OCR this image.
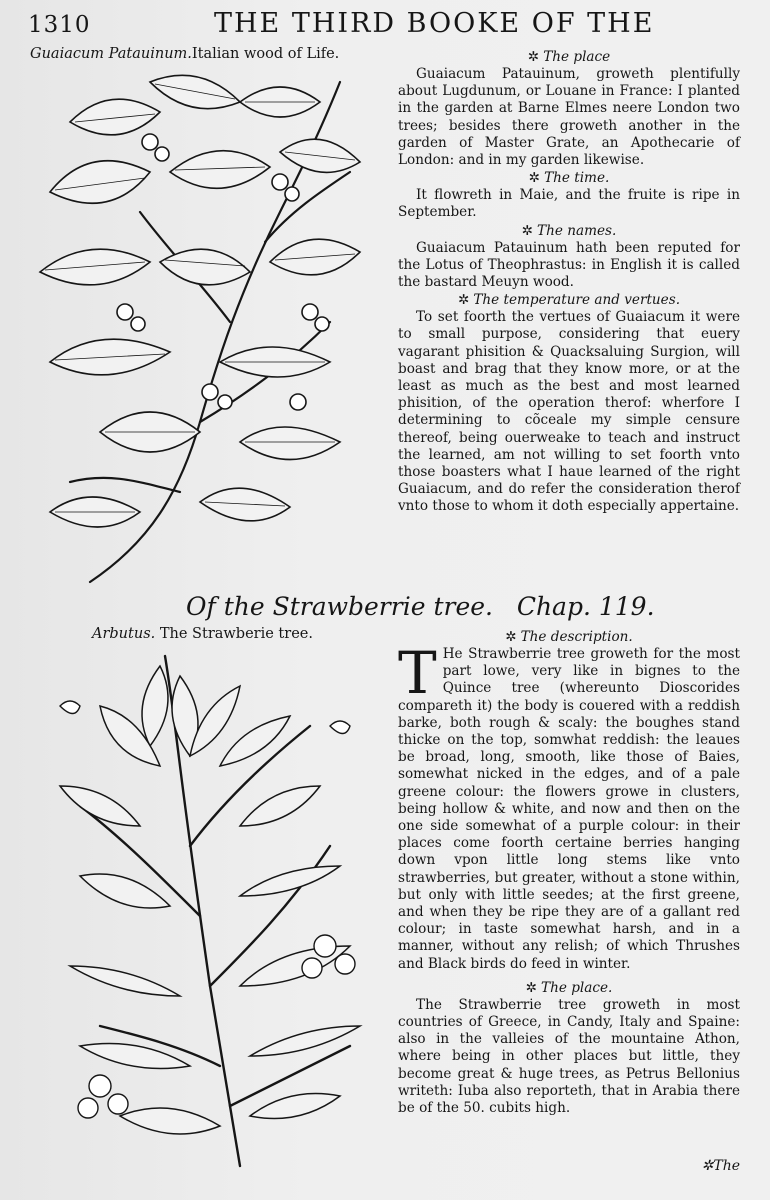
1310	THE THIRD BOOKE OF THE
Guaiacum Patauinum.Italian wood of Life.	✲ The place

Guaiacum Patauinum, groweth plentifully about Lugdunum, or Louane in France: I planted in the garden at Barne Elmes neere London two trees; besides there groweth another in the garden of Master Grate, an Apothecarie of London: and in my garden likewise.

✲ The time.

It flowreth in Maie, and the fruite is ripe in September.

✲ The names.

Guaiacum Patauinum hath been reputed for the Lotus of Theophrastus: in English it is called the bastard Meuyn wood.

✲ The temperature and vertues.

To set foorth the vertues of Guaiacum it were to small purpose, considering that euery vagarant phisition & Quacksaluing Surgion, will boast and brag that they know more, or at the least as much as the best and most learned phisition, of the operation therof: wherfore I determining to cõceale my simple censure thereof, being ouerweake to teach and instruct the learned, am not willing to set foorth vnto those boasters what I haue learned of the right Guaiacum, and do refer the consideration therof vnto those to whom it doth especially appertaine.

Of the Strawberrie tree. Chap. 119.
Arbutus. The Strawberie tree.	✲ The description.

T He Strawberrie tree groweth for the most part lowe, very like in bignes to the Quince tree (whereunto Dioscorides compareth it) the body is couered with a reddish barke, both rough & scaly: the boughes stand thicke on the top, somwhat reddish: the leaues be broad, long, smooth, like those of Baies, somewhat nicked in the edges, and of a pale greene colour: the flowers growe in clusters, being hollow & white, and now and then on the one side somewhat of a purple colour: in their places come foorth certaine berries hanging down vpon little long stems like vnto strawberries, but greater, without a stone within, but only with little seedes; at the first greene, and when they be ripe they are of a gallant red colour; in taste somewhat harsh, and in a manner, without any relish; of which Thrushes and Black birds do feed in winter.

✲ The place.

The Strawberrie tree groweth in most countries of Greece, in Candy, Italy and Spaine: also in the valleies of the mountaine Athon, where being in other places but little, they become great & huge trees, as Petrus Bellonius writeth: Iuba also reporteth, that in Arabia there be of the 50. cubits high.

✲The
